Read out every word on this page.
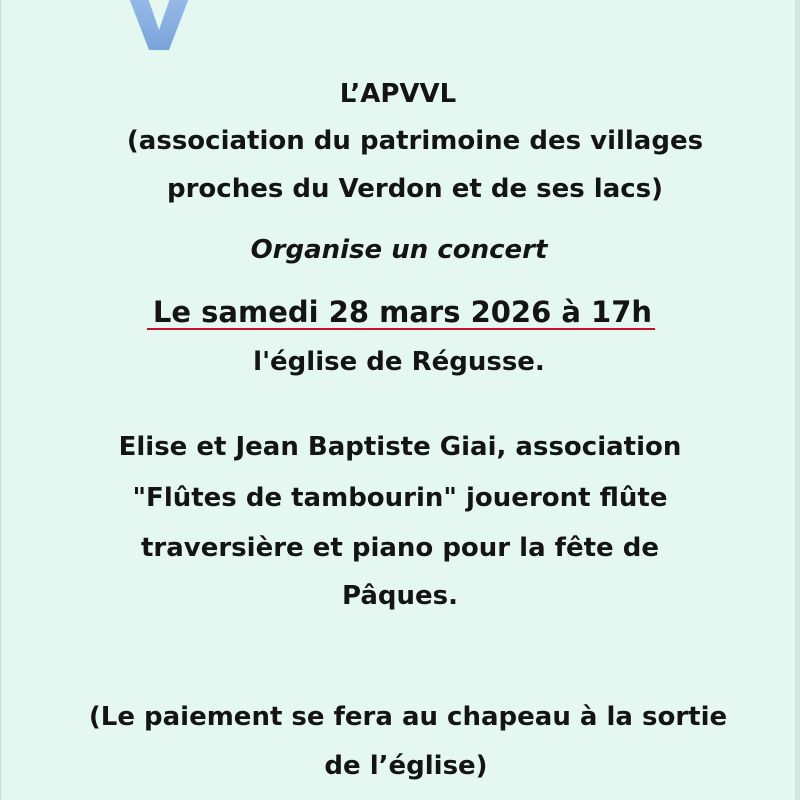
L’APVVL
(association du patrimoine des villages
proches du Verdon et de ses lacs)
Organise un concert
Le samedi 28 mars 2026 à 17h
l'église de Régusse.
Elise et Jean Baptiste Giai, association
"Flûtes de tambourin" joueront flûte
traversière et piano pour la fête de
Pâques.
(Le paiement se fera au chapeau à la sortie
de l’église)
